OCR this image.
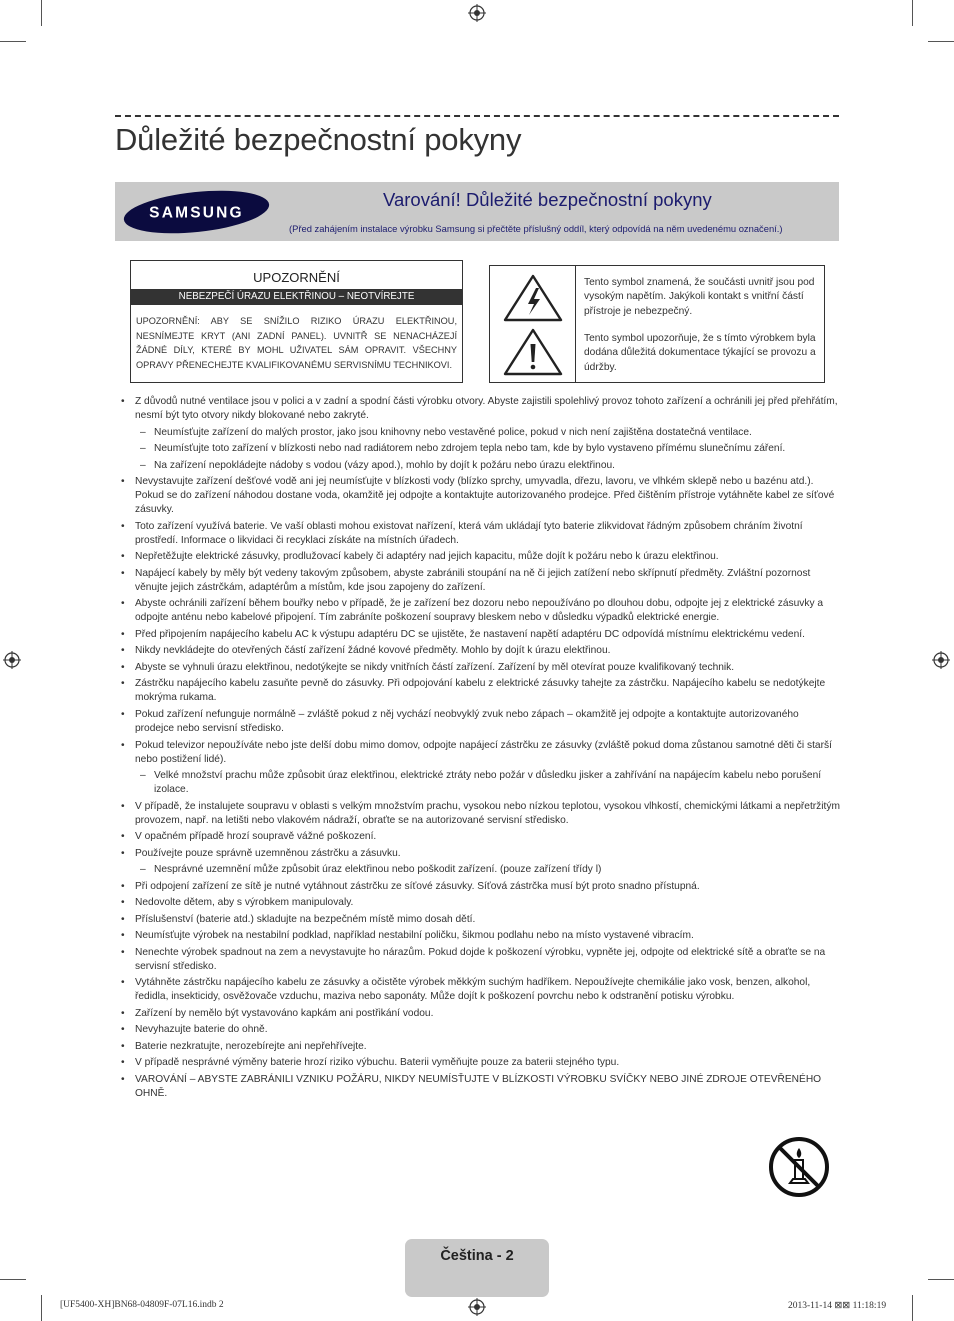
Důležité bezpečnostní pokyny
SAMSUNG
Varování! Důležité bezpečnostní pokyny
(Před zahájením instalace výrobku Samsung si přečtěte příslušný oddíl, který odpovídá na něm uvedenému označení.)
UPOZORNĚNÍ
NEBEZPEČÍ ÚRAZU ELEKTŘINOU – NEOTVÍREJTE
UPOZORNĚNÍ: ABY SE SNÍŽILO RIZIKO ÚRAZU ELEKTŘINOU, NESNÍMEJTE KRYT (ANI ZADNÍ PANEL). UVNITŘ SE NENACHÁZEJÍ ŽÁDNÉ DÍLY, KTERÉ BY MOHL UŽIVATEL SÁM OPRAVIT. VŠECHNY OPRAVY PŘENECHEJTE KVALIFIKOVANÉMU SERVISNÍMU TECHNIKOVI.
Tento symbol znamená, že součásti uvnitř jsou pod vysokým napětím. Jakýkoli kontakt s vnitřní částí přístroje je nebezpečný.
Tento symbol upozorňuje, že s tímto výrobkem byla dodána důležitá dokumentace týkající se provozu a údržby.
• Z důvodů nutné ventilace jsou v polici a v zadní a spodní části výrobku otvory. Abyste zajistili spolehlivý provoz tohoto zařízení a ochránili jej před přehřátím, nesmí být tyto otvory nikdy blokované nebo zakryté.
– Neumísťujte zařízení do malých prostor, jako jsou knihovny nebo vestavěné police, pokud v nich není zajištěna dostatečná ventilace.
– Neumísťujte toto zařízení v blízkosti nebo nad radiátorem nebo zdrojem tepla nebo tam, kde by bylo vystaveno přímému slunečnímu záření.
– Na zařízení nepokládejte nádoby s vodou (vázy apod.), mohlo by dojít k požáru nebo úrazu elektřinou.
• Nevystavujte zařízení dešťové vodě ani jej neumísťujte v blízkosti vody (blízko sprchy, umyvadla, dřezu, lavoru, ve vlhkém sklepě nebo u bazénu atd.). Pokud se do zařízení náhodou dostane voda, okamžitě jej odpojte a kontaktujte autorizovaného prodejce. Před čištěním přístroje vytáhněte kabel ze síťové zásuvky.
• Toto zařízení využívá baterie. Ve vaší oblasti mohou existovat nařízení, která vám ukládají tyto baterie zlikvidovat řádným způsobem chráním životní prostředí. Informace o likvidaci či recyklaci získáte na místních úřadech.
• Nepřetěžujte elektrické zásuvky, prodlužovací kabely či adaptéry nad jejich kapacitu, může dojít k požáru nebo k úrazu elektřinou.
• Napájecí kabely by měly být vedeny takovým způsobem, abyste zabránili stoupání na ně či jejich zatížení nebo skřípnutí předměty. Zvláštní pozornost věnujte jejich zástrčkám, adaptérům a místům, kde jsou zapojeny do zařízení.
• Abyste ochránili zařízení během bouřky nebo v případě, že je zařízení bez dozoru nebo nepoužíváno po dlouhou dobu, odpojte jej z elektrické zásuvky a odpojte anténu nebo kabelové připojení. Tím zabráníte poškození soupravy bleskem nebo v důsledku výpadků elektrické energie.
• Před připojením napájecího kabelu AC k výstupu adaptéru DC se ujistěte, že nastavení napětí adaptéru DC odpovídá místnímu elektrickému vedení.
• Nikdy nevkládejte do otevřených částí zařízení žádné kovové předměty. Mohlo by dojít k úrazu elektřinou.
• Abyste se vyhnuli úrazu elektřinou, nedotýkejte se nikdy vnitřních částí zařízení. Zařízení by měl otevírat pouze kvalifikovaný technik.
• Zástrčku napájecího kabelu zasuňte pevně do zásuvky. Při odpojování kabelu z elektrické zásuvky tahejte za zástrčku. Napájecího kabelu se nedotýkejte mokrýma rukama.
• Pokud zařízení nefunguje normálně – zvláště pokud z něj vychází neobvyklý zvuk nebo zápach – okamžitě jej odpojte a kontaktujte autorizovaného prodejce nebo servisní středisko.
• Pokud televizor nepoužíváte nebo jste delší dobu mimo domov, odpojte napájecí zástrčku ze zásuvky (zvláště pokud doma zůstanou samotné děti či starší nebo postižení lidé).
– Velké množství prachu může způsobit úraz elektřinou, elektrické ztráty nebo požár v důsledku jisker a zahřívání na napájecím kabelu nebo porušení izolace.
• V případě, že instalujete soupravu v oblasti s velkým množstvím prachu, vysokou nebo nízkou teplotou, vysokou vlhkostí, chemickými látkami a nepřetržitým provozem, např. na letišti nebo vlakovém nádraží, obraťte se na autorizované servisní středisko.
• V opačném případě hrozí soupravě vážné poškození.
• Používejte pouze správně uzemněnou zástrčku a zásuvku.
– Nesprávné uzemnění může způsobit úraz elektřinou nebo poškodit zařízení. (pouze zařízení třídy l)
• Při odpojení zařízení ze sítě je nutné vytáhnout zástrčku ze síťové zásuvky. Síťová zástrčka musí být proto snadno přístupná.
• Nedovolte dětem, aby s výrobkem manipulovaly.
• Příslušenství (baterie atd.) skladujte na bezpečném místě mimo dosah dětí.
• Neumísťujte výrobek na nestabilní podklad, například nestabilní poličku, šikmou podlahu nebo na místo vystavené vibracím.
• Nenechte výrobek spadnout na zem a nevystavujte ho nárazům. Pokud dojde k poškození výrobku, vypněte jej, odpojte od elektrické sítě a obraťte se na servisní středisko.
• Vytáhněte zástrčku napájecího kabelu ze zásuvky a očistěte výrobek měkkým suchým hadříkem. Nepoužívejte chemikálie jako vosk, benzen, alkohol, ředidla, insekticidy, osvěžovače vzduchu, maziva nebo saponáty. Může dojít k poškození povrchu nebo k odstranění potisku výrobku.
• Zařízení by nemělo být vystavováno kapkám ani postřikání vodou.
• Nevyhazujte baterie do ohně.
• Baterie nezkratujte, nerozebírejte ani nepřehřívejte.
• V případě nesprávné výměny baterie hrozí riziko výbuchu. Baterii vyměňujte pouze za baterii stejného typu.
• VAROVÁNÍ – ABYSTE ZABRÁNILI VZNIKU POŽÁRU, NIKDY NEUMÍSŤUJTE V BLÍZKOSTI VÝROBKU SVÍČKY NEBO JINÉ ZDROJE OTEVŘENÉHO OHNĚ.
Čeština - 2
[UF5400-XH]BN68-04809F-07L16.indb 2	2013-11-14 ⊠⊠ 11:18:19
